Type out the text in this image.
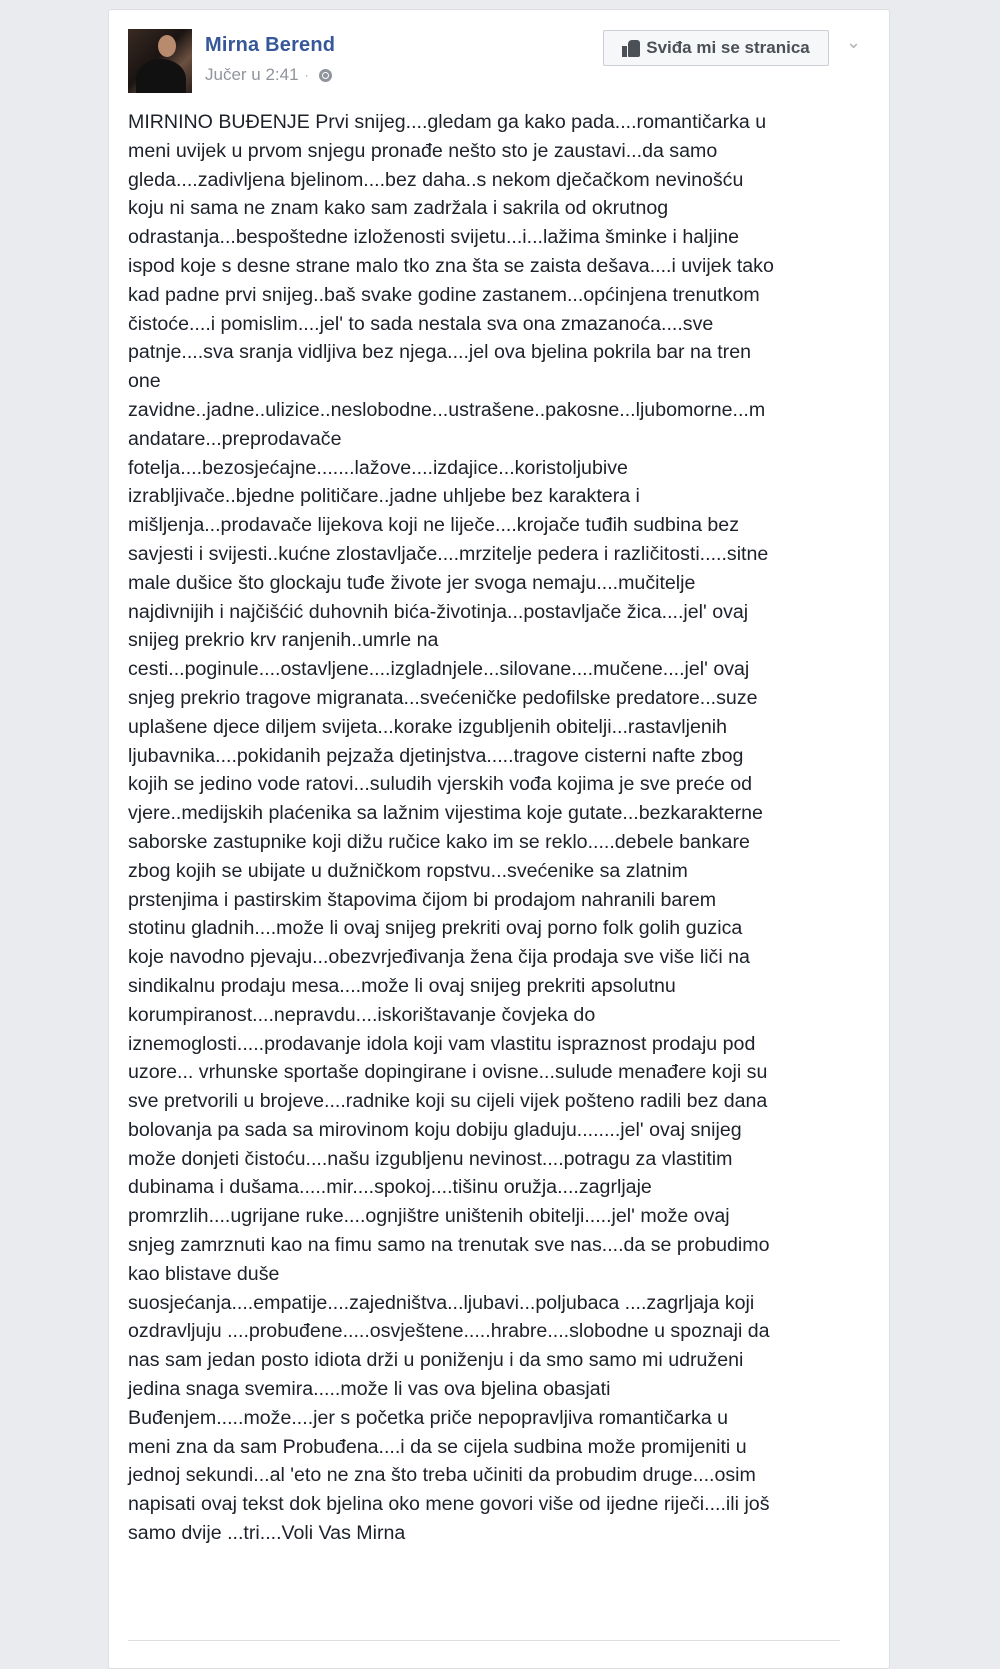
Mirna Berend
Jučer u 2:41 ·
Sviđa mi se stranica ⌄

MIRNINO BUĐENJE Prvi snijeg....gledam ga kako pada....romantičarka u
meni uvijek u prvom snjegu pronađe nešto sto je zaustavi...da samo
gleda....zadivljena bjelinom....bez daha..s nekom dječačkom nevinošću
koju ni sama ne znam kako sam zadržala i sakrila od okrutnog
odrastanja...bespoštedne izloženosti svijetu...i...lažima šminke i haljine
ispod koje s desne strane malo tko zna šta se zaista dešava....i uvijek tako
kad padne prvi snijeg..baš svake godine zastanem...općinjena trenutkom
čistoće....i pomislim....jel' to sada nestala sva ona zmazanoća....sve
patnje....sva sranja vidljiva bez njega....jel ova bjelina pokrila bar na tren
one
zavidne..jadne..ulizice..neslobodne...ustrašene..pakosne...ljubomorne...m
andatare...preprodavače
fotelja....bezosjećajne.......lažove....izdajice...koristoljubive
izrabljivače..bjedne političare..jadne uhljebe bez karaktera i
mišljenja...prodavače lijekova koji ne liječe....krojače tuđih sudbina bez
savjesti i svijesti..kućne zlostavljače....mrzitelje pedera i različitosti.....sitne
male dušice što glockaju tuđe živote jer svoga nemaju....mučitelje
najdivnijih i najčišćić duhovnih bića-životinja...postavljače žica....jel' ovaj
snijeg prekrio krv ranjenih..umrle na
cesti...poginule....ostavljene....izgladnjele...silovane....mučene....jel' ovaj
snjeg prekrio tragove migranata...svećeničke pedofilske predatore...suze
uplašene djece diljem svijeta...korake izgubljenih obitelji...rastavljenih
ljubavnika....pokidanih pejzaža djetinjstva.....tragove cisterni nafte zbog
kojih se jedino vode ratovi...suludih vjerskih vođa kojima je sve preće od
vjere..medijskih plaćenika sa lažnim vijestima koje gutate...bezkarakterne
saborske zastupnike koji dižu ručice kako im se reklo.....debele bankare
zbog kojih se ubijate u dužničkom ropstvu...svećenike sa zlatnim
prstenjima i pastirskim štapovima čijom bi prodajom nahranili barem
stotinu gladnih....može li ovaj snijeg prekriti ovaj porno folk golih guzica
koje navodno pjevaju...obezvrjeđivanja žena čija prodaja sve više liči na
sindikalnu prodaju mesa....može li ovaj snijeg prekriti apsolutnu
korumpiranost....nepravdu....iskorištavanje čovjeka do
iznemoglosti.....prodavanje idola koji vam vlastitu ispraznost prodaju pod
uzore... vrhunske sportaše dopingirane i ovisne...sulude menađere koji su
sve pretvorili u brojeve....radnike koji su cijeli vijek pošteno radili bez dana
bolovanja pa sada sa mirovinom koju dobiju gladuju........jel' ovaj snijeg
može donjeti čistoću....našu izgubljenu nevinost....potragu za vlastitim
dubinama i dušama.....mir....spokoj....tišinu oružja....zagrljaje
promrzlih....ugrijane ruke....ognjištre uništenih obitelji.....jel' može ovaj
snjeg zamrznuti kao na fimu samo na trenutak sve nas....da se probudimo
kao blistave duše
suosjećanja....empatije....zajedništva...ljubavi...poljubaca ....zagrljaja koji
ozdravljuju ....probuđene.....osvještene.....hrabre....slobodne u spoznaji da
nas sam jedan posto idiota drži u poniženju i da smo samo mi udruženi
jedina snaga svemira.....može li vas ova bjelina obasjati
Buđenjem.....može....jer s početka priče nepopravljiva romantičarka u
meni zna da sam Probuđena....i da se cijela sudbina može promijeniti u
jednoj sekundi...al 'eto ne zna što treba učiniti da probudim druge....osim
napisati ovaj tekst dok bjelina oko mene govori više od ijedne riječi....ili još
samo dvije ...tri....Voli Vas Mirna
